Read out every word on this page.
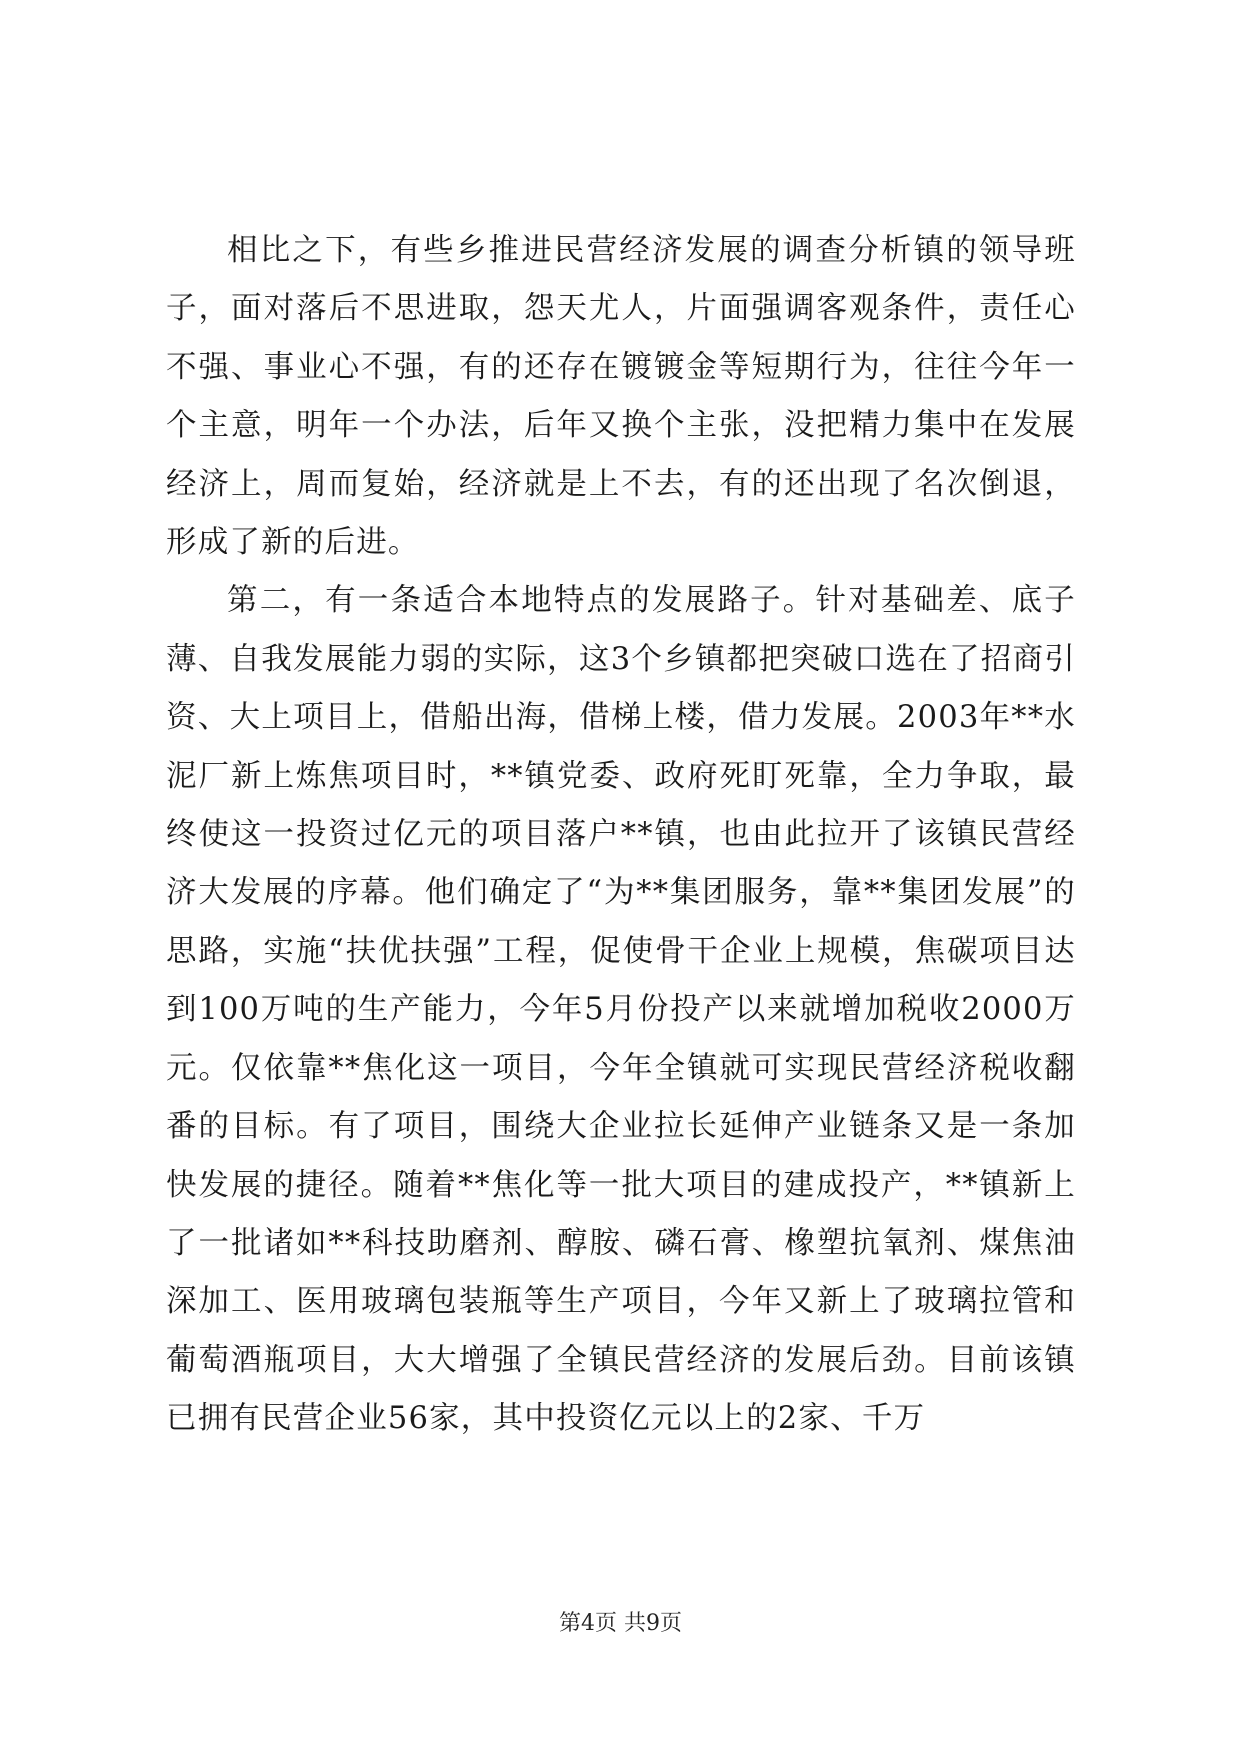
相比之下，有些乡推进民营经济发展的调查分析镇的领导班子，面对落后不思进取，怨天尤人，片面强调客观条件，责任心不强、事业心不强，有的还存在镀镀金等短期行为，往往今年一个主意，明年一个办法，后年又换个主张，没把精力集中在发展经济上，周而复始，经济就是上不去，有的还出现了名次倒退，形成了新的后进。

第二，有一条适合本地特点的发展路子。针对基础差、底子薄、自我发展能力弱的实际，这3个乡镇都把突破口选在了招商引资、大上项目上，借船出海，借梯上楼，借力发展。2003年**水泥厂新上炼焦项目时，**镇党委、政府死盯死靠，全力争取，最终使这一投资过亿元的项目落户**镇，也由此拉开了该镇民营经济大发展的序幕。他们确定了“为**集团服务，靠**集团发展”的思路，实施“扶优扶强”工程，促使骨干企业上规模，焦碳项目达到100万吨的生产能力，今年5月份投产以来就增加税收2000万元。仅依靠**焦化这一项目，今年全镇就可实现民营经济税收翻番的目标。有了项目，围绕大企业拉长延伸产业链条又是一条加快发展的捷径。随着**焦化等一批大项目的建成投产，**镇新上了一批诸如**科技助磨剂、醇胺、磷石膏、橡塑抗氧剂、煤焦油深加工、医用玻璃包装瓶等生产项目，今年又新上了玻璃拉管和葡萄酒瓶项目，大大增强了全镇民营经济的发展后劲。目前该镇已拥有民营企业56家，其中投资亿元以上的2家、千万

第4页 共9页
